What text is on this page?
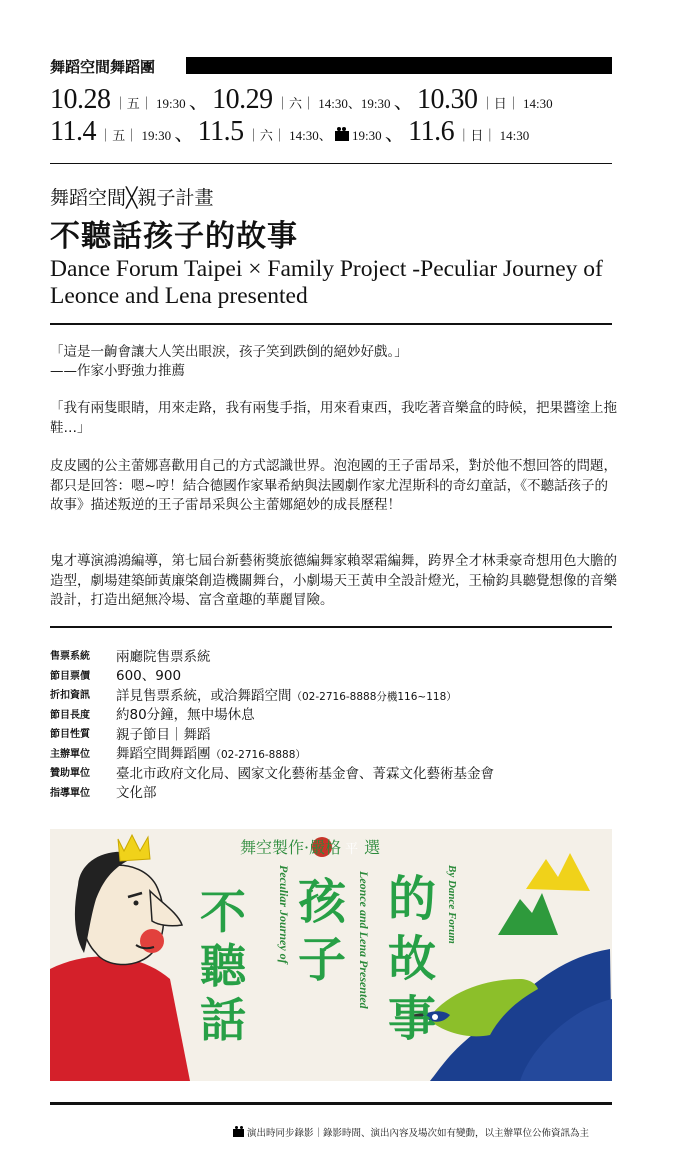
舞蹈空間舞蹈團
10.28 ｜五｜ 19:30 、 10.29 ｜六｜ 14:30、19:30 、 10.30 ｜日｜ 14:30
11.4 ｜五｜ 19:30 、 11.5 ｜六｜ 14:30、 19:30 、 11.6 ｜日｜ 14:30
舞蹈空間╳親子計畫
不聽話孩子的故事
Dance Forum Taipei × Family Project -Peculiar Journey of Leonce and Lena presented
「這是一齣會讓大人笑出眼淚，孩子笑到跌倒的絕妙好戲。」
——作家小野強力推薦
「我有兩隻眼睛，用來走路，我有兩隻手指，用來看東西，我吃著音樂盒的時候，把果醬塗上拖鞋…」
皮皮國的公主蕾娜喜歡用自己的方式認識世界。泡泡國的王子雷昂采，對於他不想回答的問題，都只是回答：嗯~哼！結合德國作家畢希納與法國劇作家尤涅斯科的奇幻童話，《不聽話孩子的故事》描述叛逆的王子雷昂采與公主蕾娜絕妙的成長歷程！
鬼才導演鴻鴻編導，第七屆台新藝術獎旅德編舞家賴翠霜編舞，跨界全才林秉豪奇想用色大膽的造型，劇場建築師黃廉棨創造機關舞台，小劇場天王黃申全設計燈光，王榆鈞具聽覺想像的音樂設計，打造出絕無冷場、富含童趣的華麗冒險。
售票系統	兩廳院售票系統
節目票價	600、900
折扣資訊	詳見售票系統，或洽舞蹈空間（02-2716-8888分機116~118）
節目長度	約80分鐘，無中場休息
節目性質	親子節目｜舞蹈
主辦單位	舞蹈空間舞蹈團（02-2716-8888）
贊助單位	臺北市政府文化局、國家文化藝術基金會、菁霖文化藝術基金會
指導單位	文化部
舞空製作·嚴格 平 選
Peculiar Journey of	Leonce and Lena Presented	By Dance Forum
不
聽
話
孩
子
的
故
事
演出時同步錄影｜錄影時間、演出內容及場次如有變動，以主辦單位公佈資訊為主
